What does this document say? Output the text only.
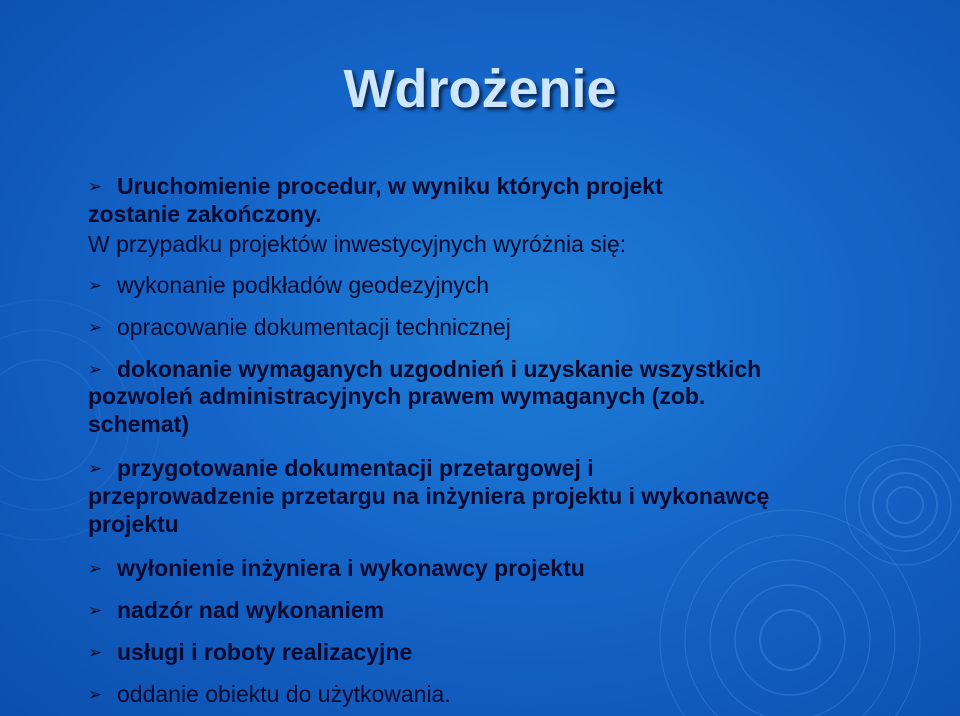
Wdrożenie

➢ Uruchomienie procedur, w wyniku których projekt

zostanie zakończony.

W przypadku projektów inwestycyjnych wyróżnia się:

➢ wykonanie podkładów geodezyjnych

➢ opracowanie dokumentacji technicznej

➢ dokonanie wymaganych uzgodnień i uzyskanie wszystkich

pozwoleń administracyjnych prawem wymaganych (zob.

schemat)

➢ przygotowanie dokumentacji przetargowej i

przeprowadzenie przetargu na inżyniera projektu i wykonawcę

projektu

➢ wyłonienie inżyniera i wykonawcy projektu

➢ nadzór nad wykonaniem

➢ usługi i roboty realizacyjne

➢ oddanie obiektu do użytkowania.
